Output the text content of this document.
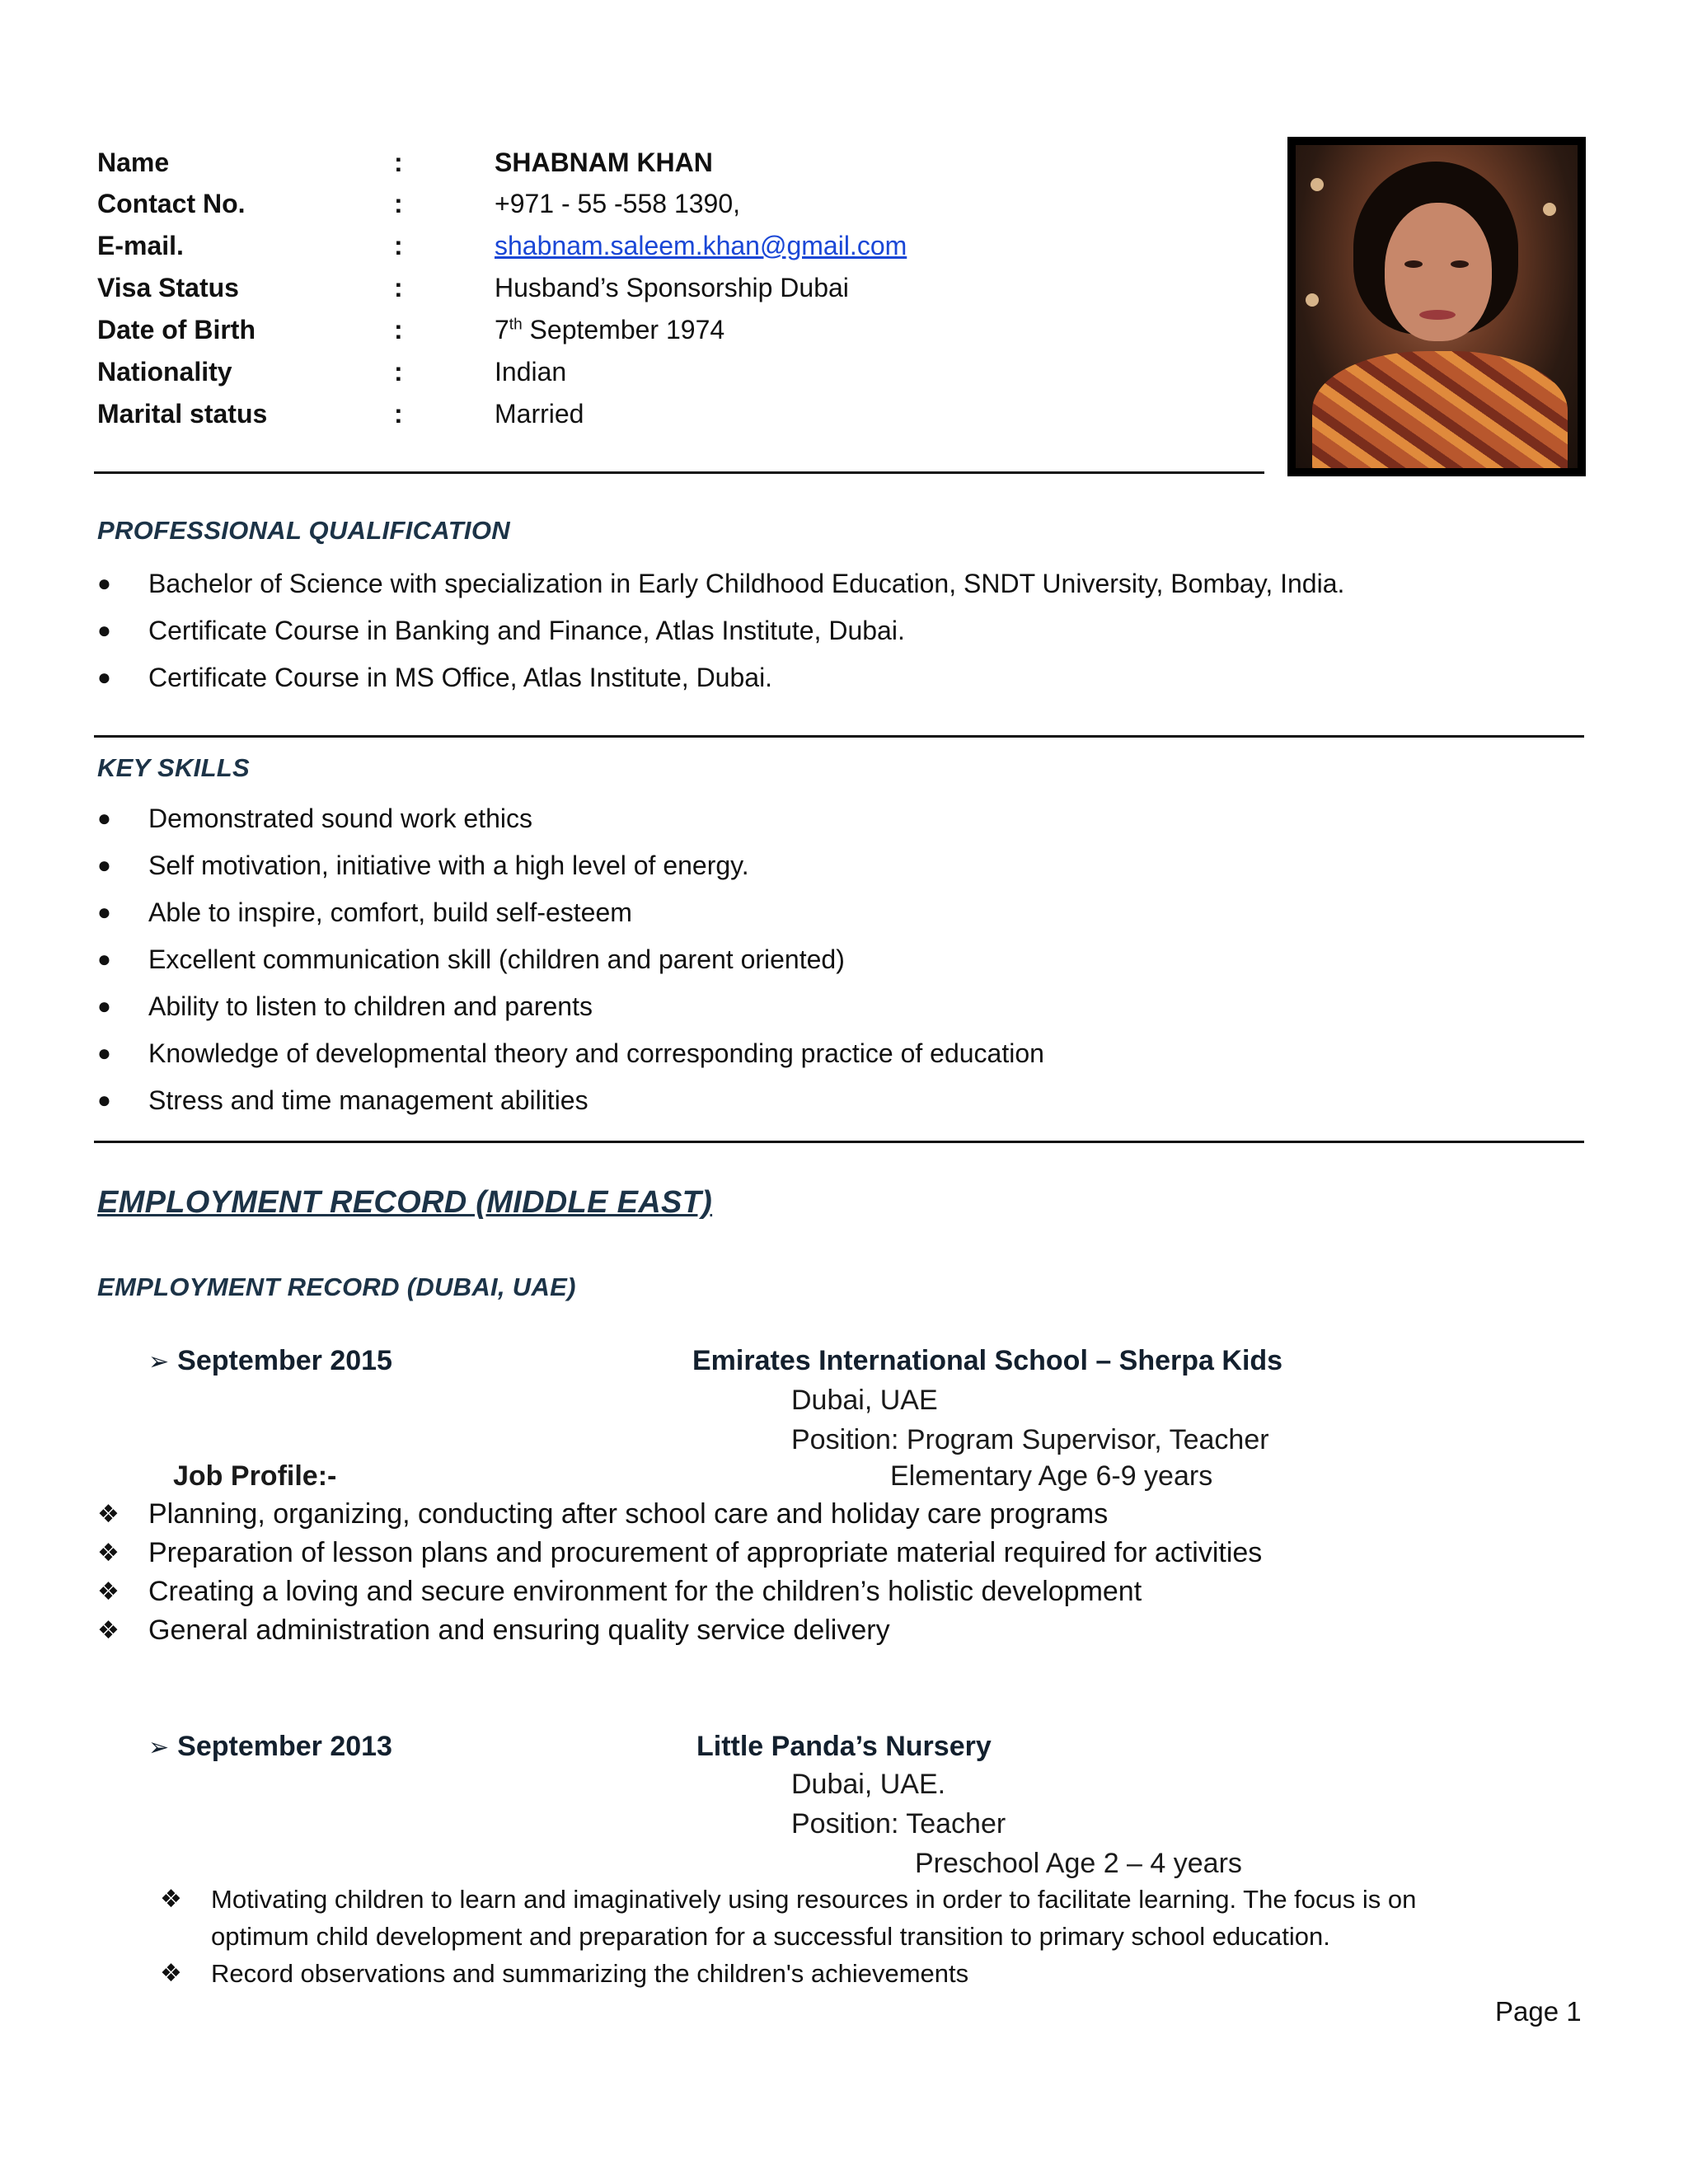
Name	:	SHABNAM KHAN
Contact No.	:	+971 - 55 -558 1390,
E-mail.	:	shabnam.saleem.khan@gmail.com
Visa Status	:	Husband’s Sponsorship Dubai
Date of Birth	:	7th September 1974
Nationality	:	Indian
Marital status	:	Married
PROFESSIONAL QUALIFICATION
● Bachelor of Science with specialization in Early Childhood Education, SNDT University, Bombay, India.
● Certificate Course in Banking and Finance, Atlas Institute, Dubai.
● Certificate Course in MS Office, Atlas Institute, Dubai.
KEY SKILLS
● Demonstrated sound work ethics
● Self motivation, initiative with a high level of energy.
● Able to inspire, comfort, build self-esteem
● Excellent communication skill (children and parent oriented)
● Ability to listen to children and parents
● Knowledge of developmental theory and corresponding practice of education
● Stress and time management abilities
EMPLOYMENT RECORD (MIDDLE EAST)
EMPLOYMENT RECORD (DUBAI, UAE)
➢ September 2015	Emirates International School – Sherpa Kids
Dubai, UAE
Position: Program Supervisor, Teacher
Job Profile:-	Elementary Age 6-9 years
❖ Planning, organizing, conducting after school care and holiday care programs
❖ Preparation of lesson plans and procurement of appropriate material required for activities
❖ Creating a loving and secure environment for the children’s holistic development
❖ General administration and ensuring quality service delivery
➢ September 2013	Little Panda’s Nursery
Dubai, UAE.
Position: Teacher
Preschool Age 2 – 4 years
❖ Motivating children to learn and imaginatively using resources in order to facilitate learning. The focus is on optimum child development and preparation for a successful transition to primary school education.
❖ Record observations and summarizing the children's achievements
Page 1
